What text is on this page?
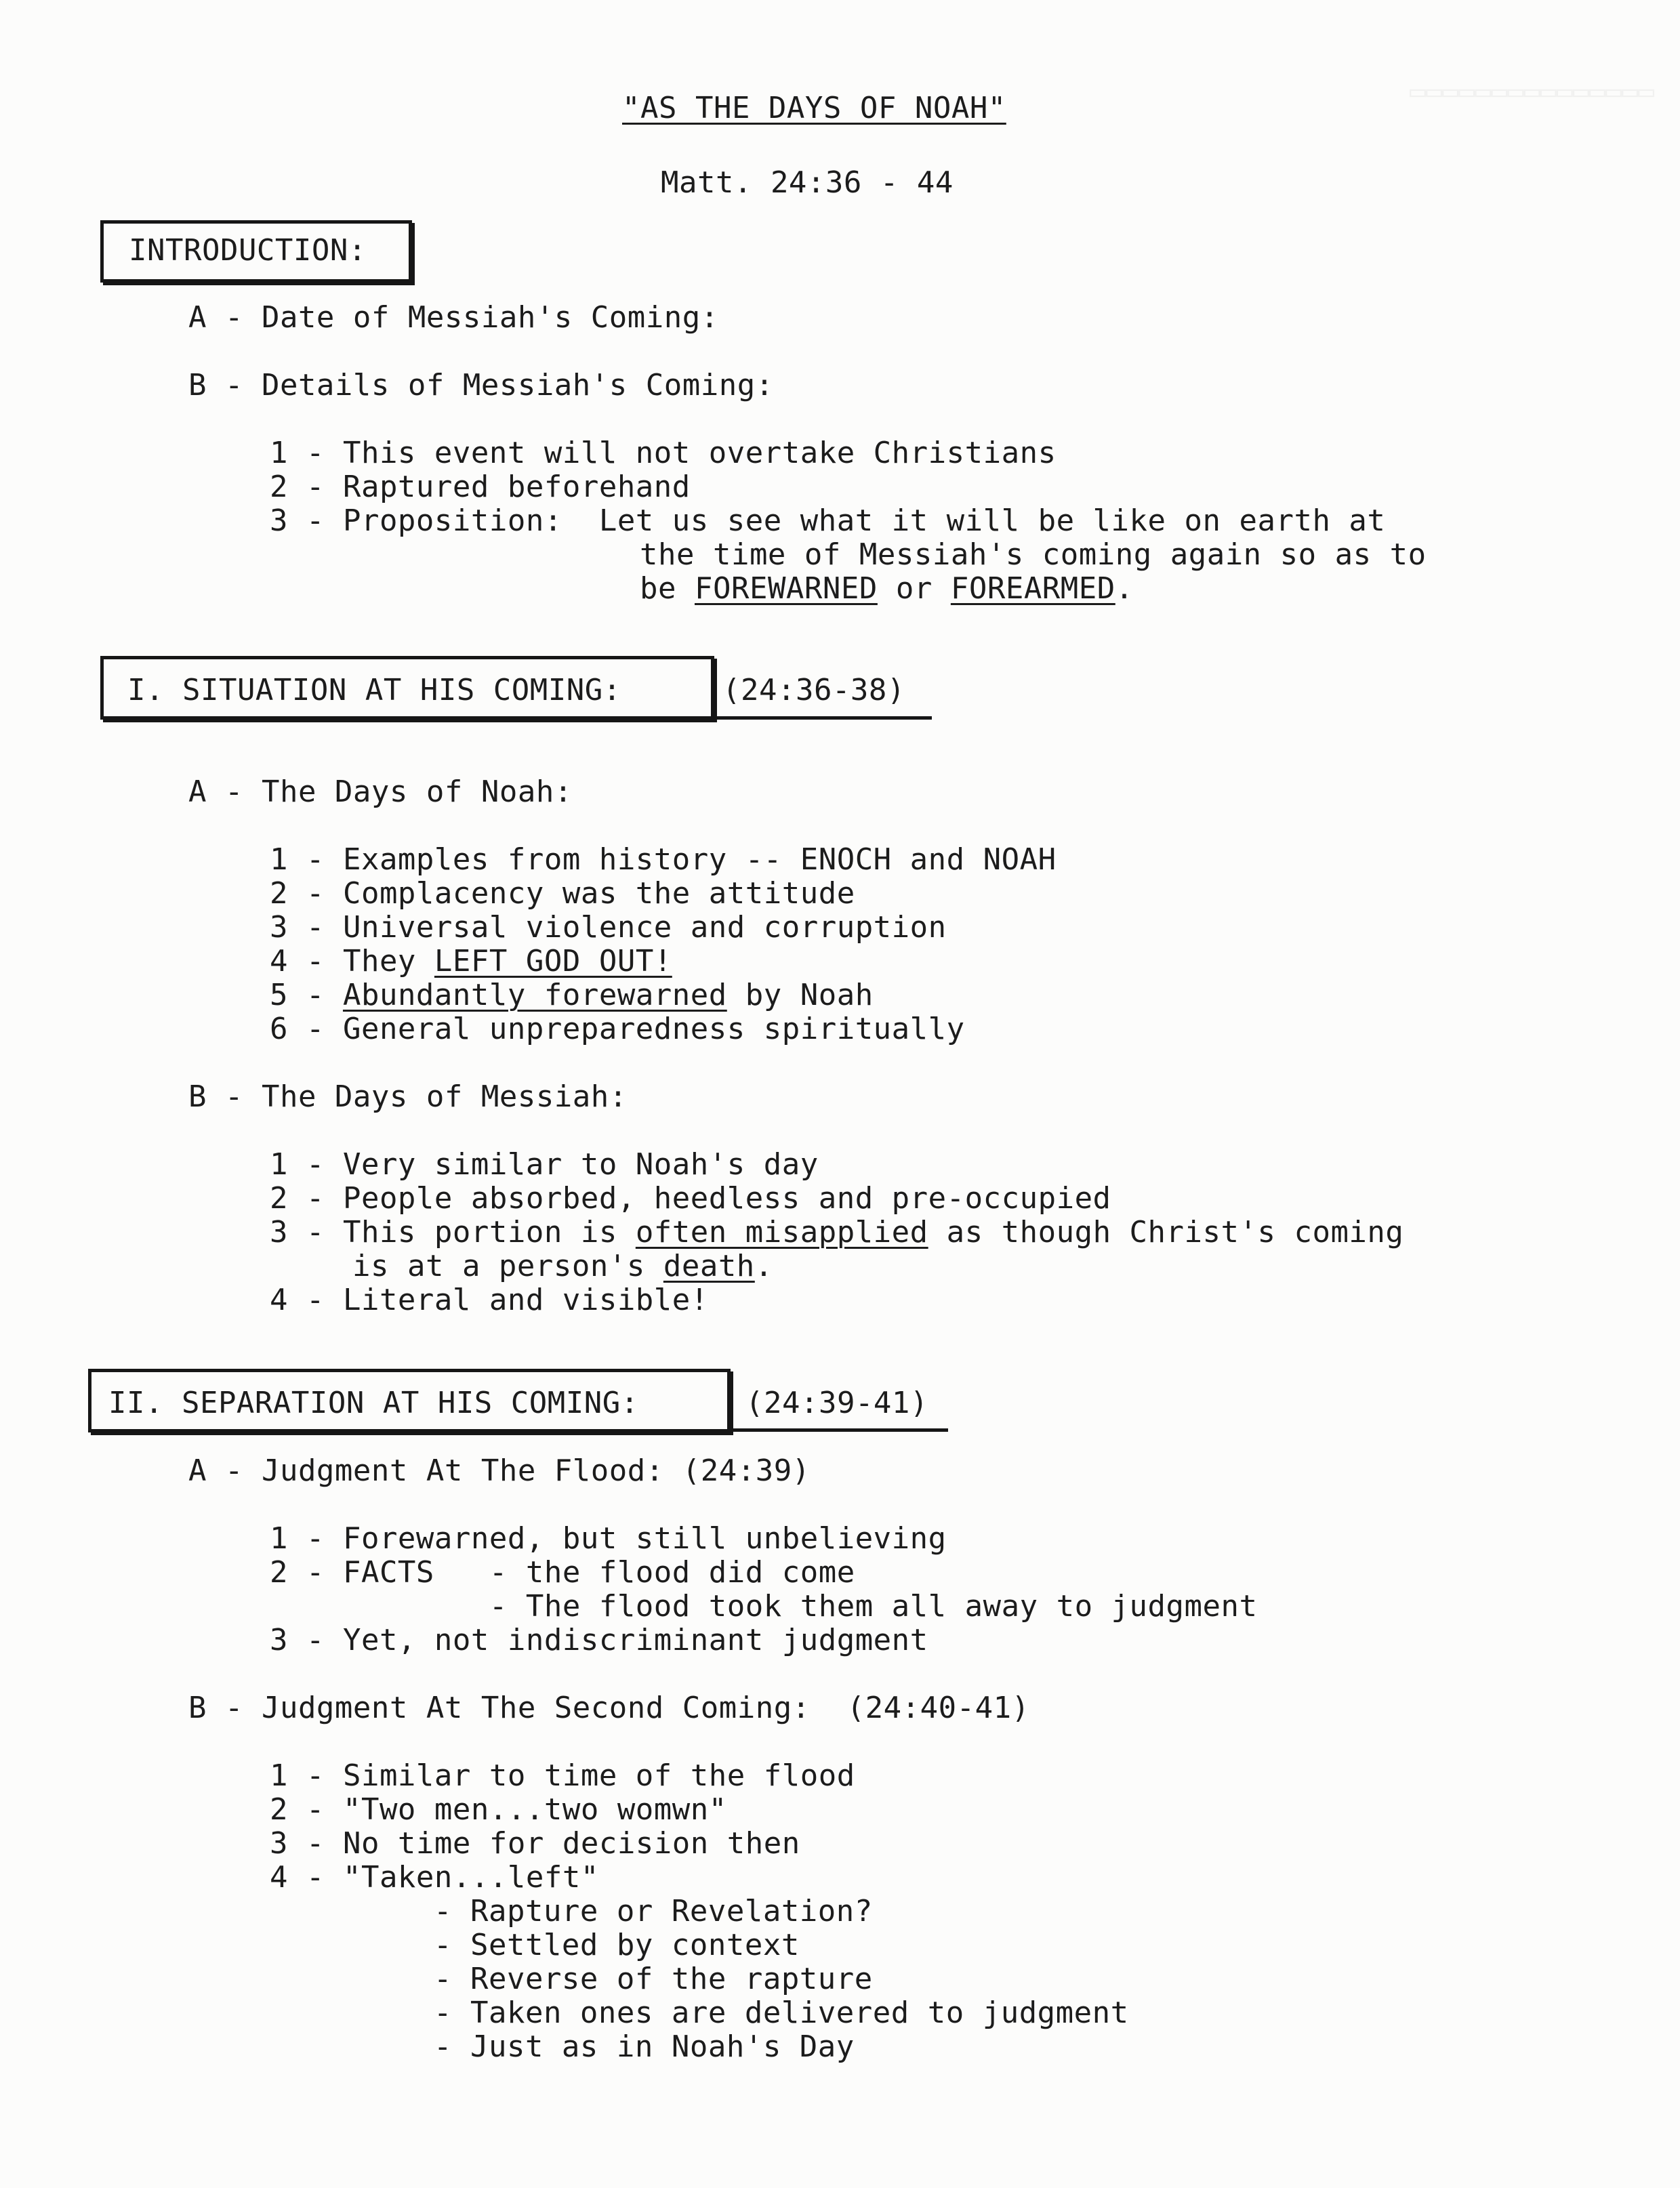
▭▭▭▭▭▭▭▭▭▭▭▭▭▭▭
"AS THE DAYS OF NOAH"
Matt. 24:36 - 44
INTRODUCTION:
A - Date of Messiah's Coming:
B - Details of Messiah's Coming:
1 - This event will not overtake Christians
2 - Raptured beforehand
3 - Proposition:  Let us see what it will be like on earth at
the time of Messiah's coming again so as to
be FOREWARNED or FOREARMED.
I. SITUATION AT HIS COMING:	(24:36-38)
A - The Days of Noah:
1 - Examples from history -- ENOCH and NOAH
2 - Complacency was the attitude
3 - Universal violence and corruption
4 - They LEFT GOD OUT!
5 - Abundantly forewarned by Noah
6 - General unpreparedness spiritually
B - The Days of Messiah:
1 - Very similar to Noah's day
2 - People absorbed, heedless and pre-occupied
3 - This portion is often misapplied as though Christ's coming
is at a person's death.
4 - Literal and visible!
II. SEPARATION AT HIS COMING:	(24:39-41)
A - Judgment At The Flood: (24:39)
1 - Forewarned, but still unbelieving
2 - FACTS   - the flood did come
- The flood took them all away to judgment
3 - Yet, not indiscriminant judgment
B - Judgment At The Second Coming:  (24:40-41)
1 - Similar to time of the flood
2 - "Two men...two womwn"
3 - No time for decision then
4 - "Taken...left"
- Rapture or Revelation?
- Settled by context
- Reverse of the rapture
- Taken ones are delivered to judgment
- Just as in Noah's Day
